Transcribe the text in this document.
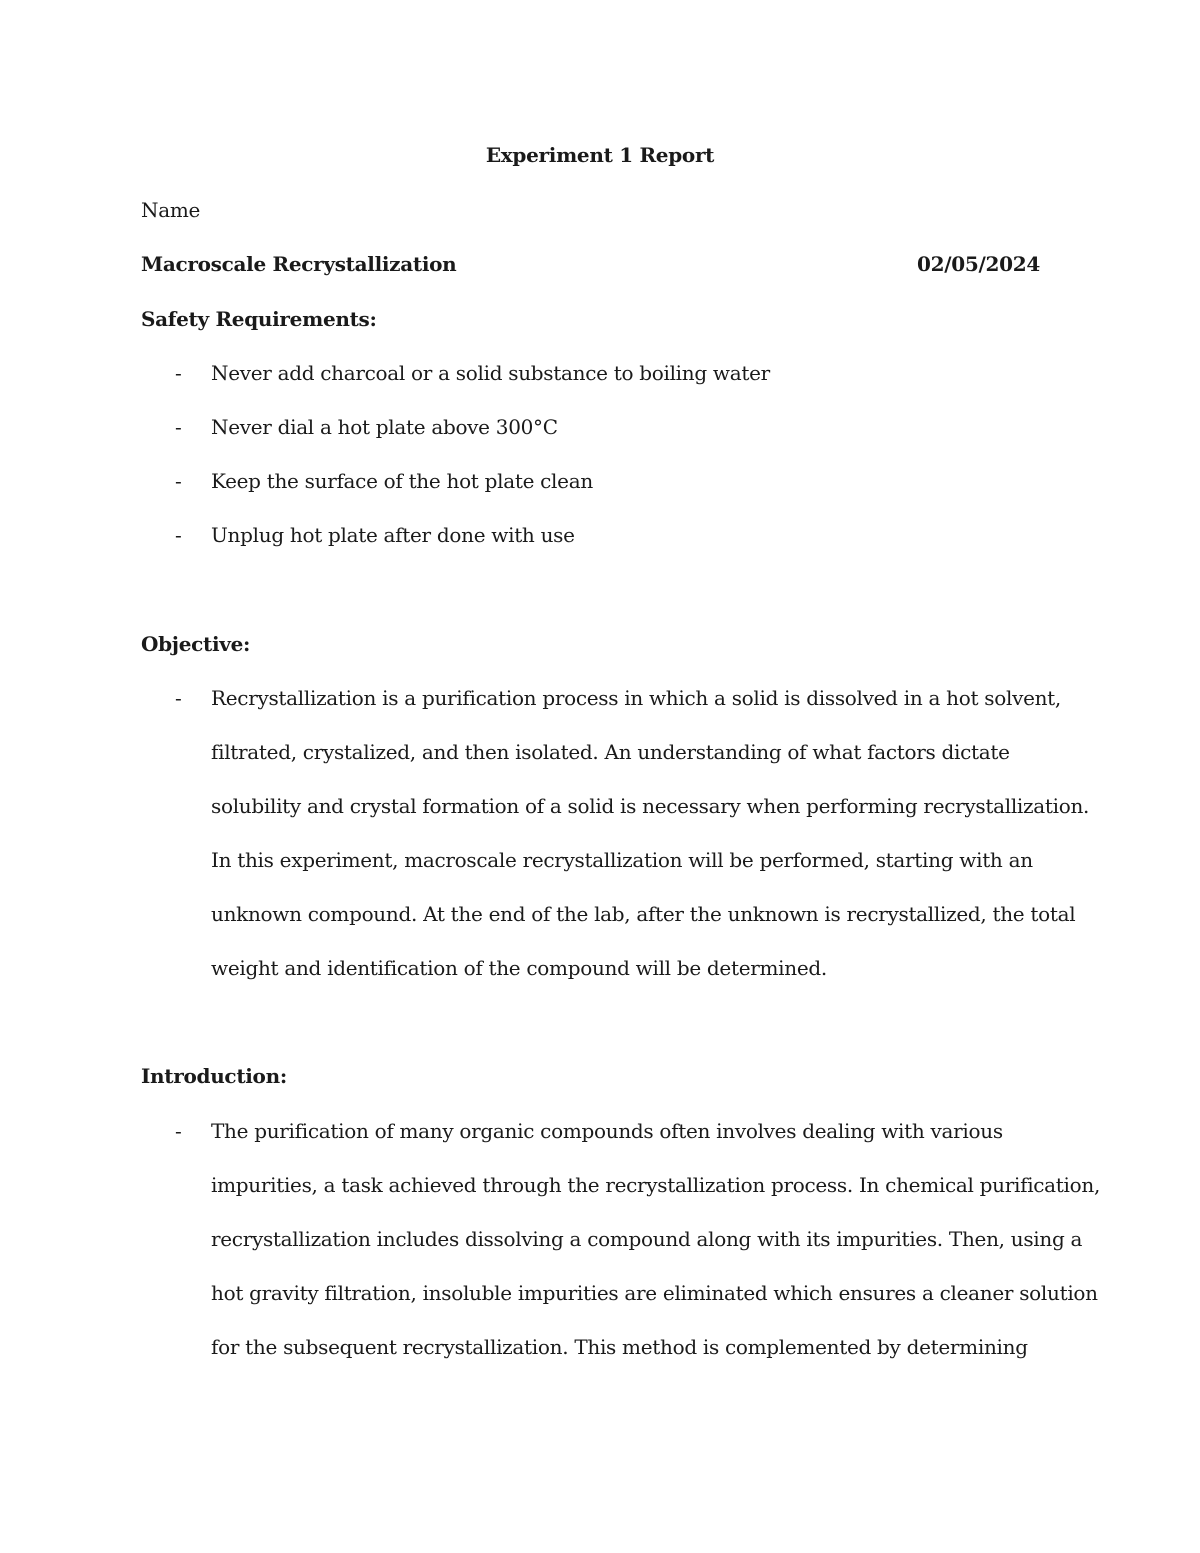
Experiment 1 Report
Name
Macroscale Recrystallization	02/05/2024
Safety Requirements:
- Never add charcoal or a solid substance to boiling water
- Never dial a hot plate above 300°C
- Keep the surface of the hot plate clean
- Unplug hot plate after done with use
Objective:
- Recrystallization is a purification process in which a solid is dissolved in a hot solvent,
filtrated, crystalized, and then isolated. An understanding of what factors dictate
solubility and crystal formation of a solid is necessary when performing recrystallization.
In this experiment, macroscale recrystallization will be performed, starting with an
unknown compound. At the end of the lab, after the unknown is recrystallized, the total
weight and identification of the compound will be determined.
Introduction:
- The purification of many organic compounds often involves dealing with various
impurities, a task achieved through the recrystallization process. In chemical purification,
recrystallization includes dissolving a compound along with its impurities. Then, using a
hot gravity filtration, insoluble impurities are eliminated which ensures a cleaner solution
for the subsequent recrystallization. This method is complemented by determining
